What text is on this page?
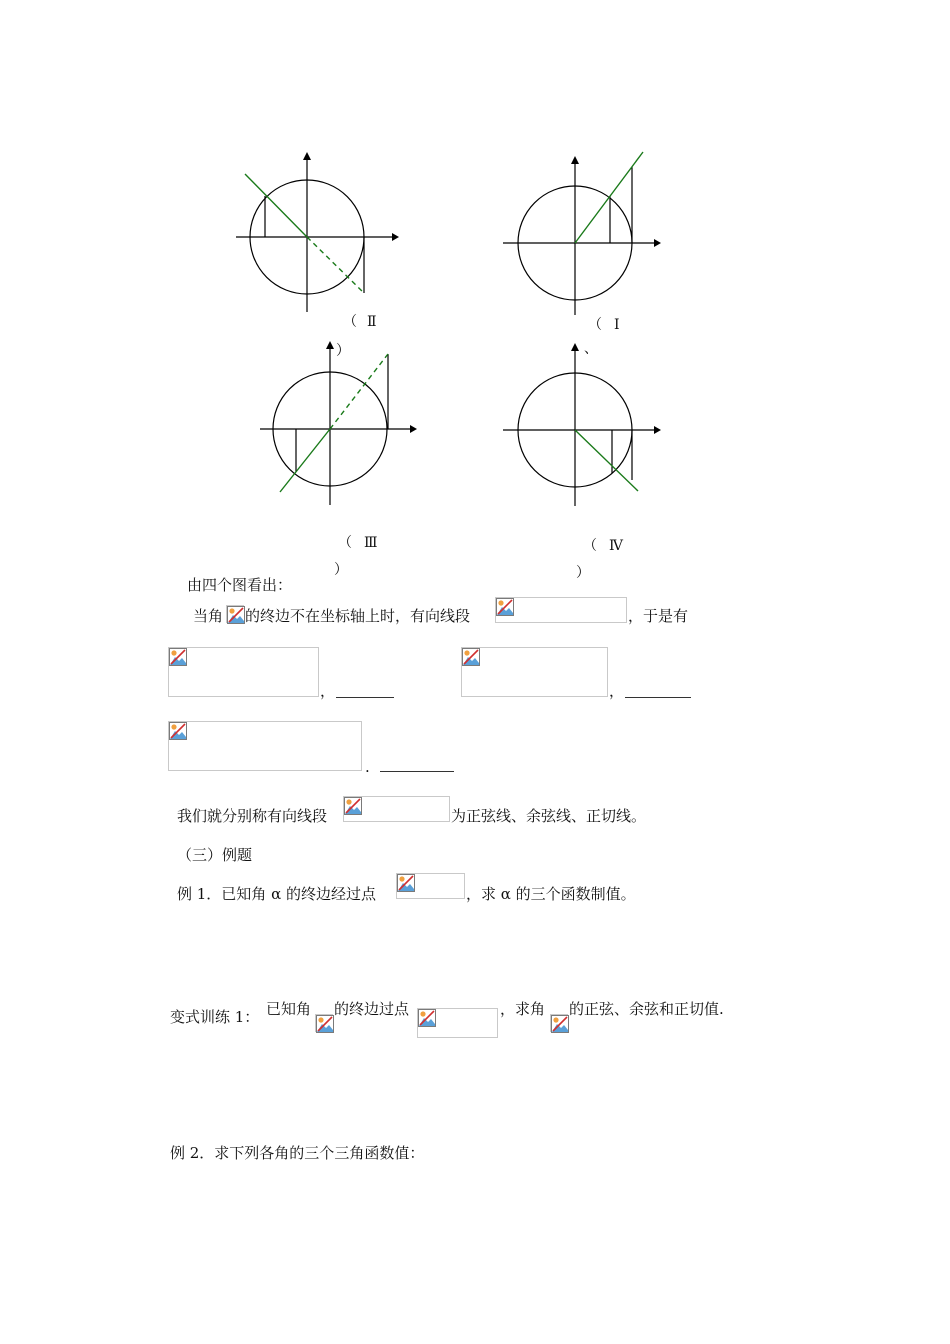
（ Ⅱ
）
（ Ⅰ
、
（ Ⅲ
）
（ Ⅳ
）
由四个图看出：
当角 的终边不在坐标轴上时，有向线段	，于是有
，	，
.
我们就分别称有向线段	为正弦线、余弦线、正切线。
（三）例题
例 1．已知角 α 的终边经过点	，求 α 的三个函数制值。
变式训练 1： 已知角 的终边过点	，求角 的正弦、余弦和正切值.
例 2．求下列各角的三个三角函数值：
